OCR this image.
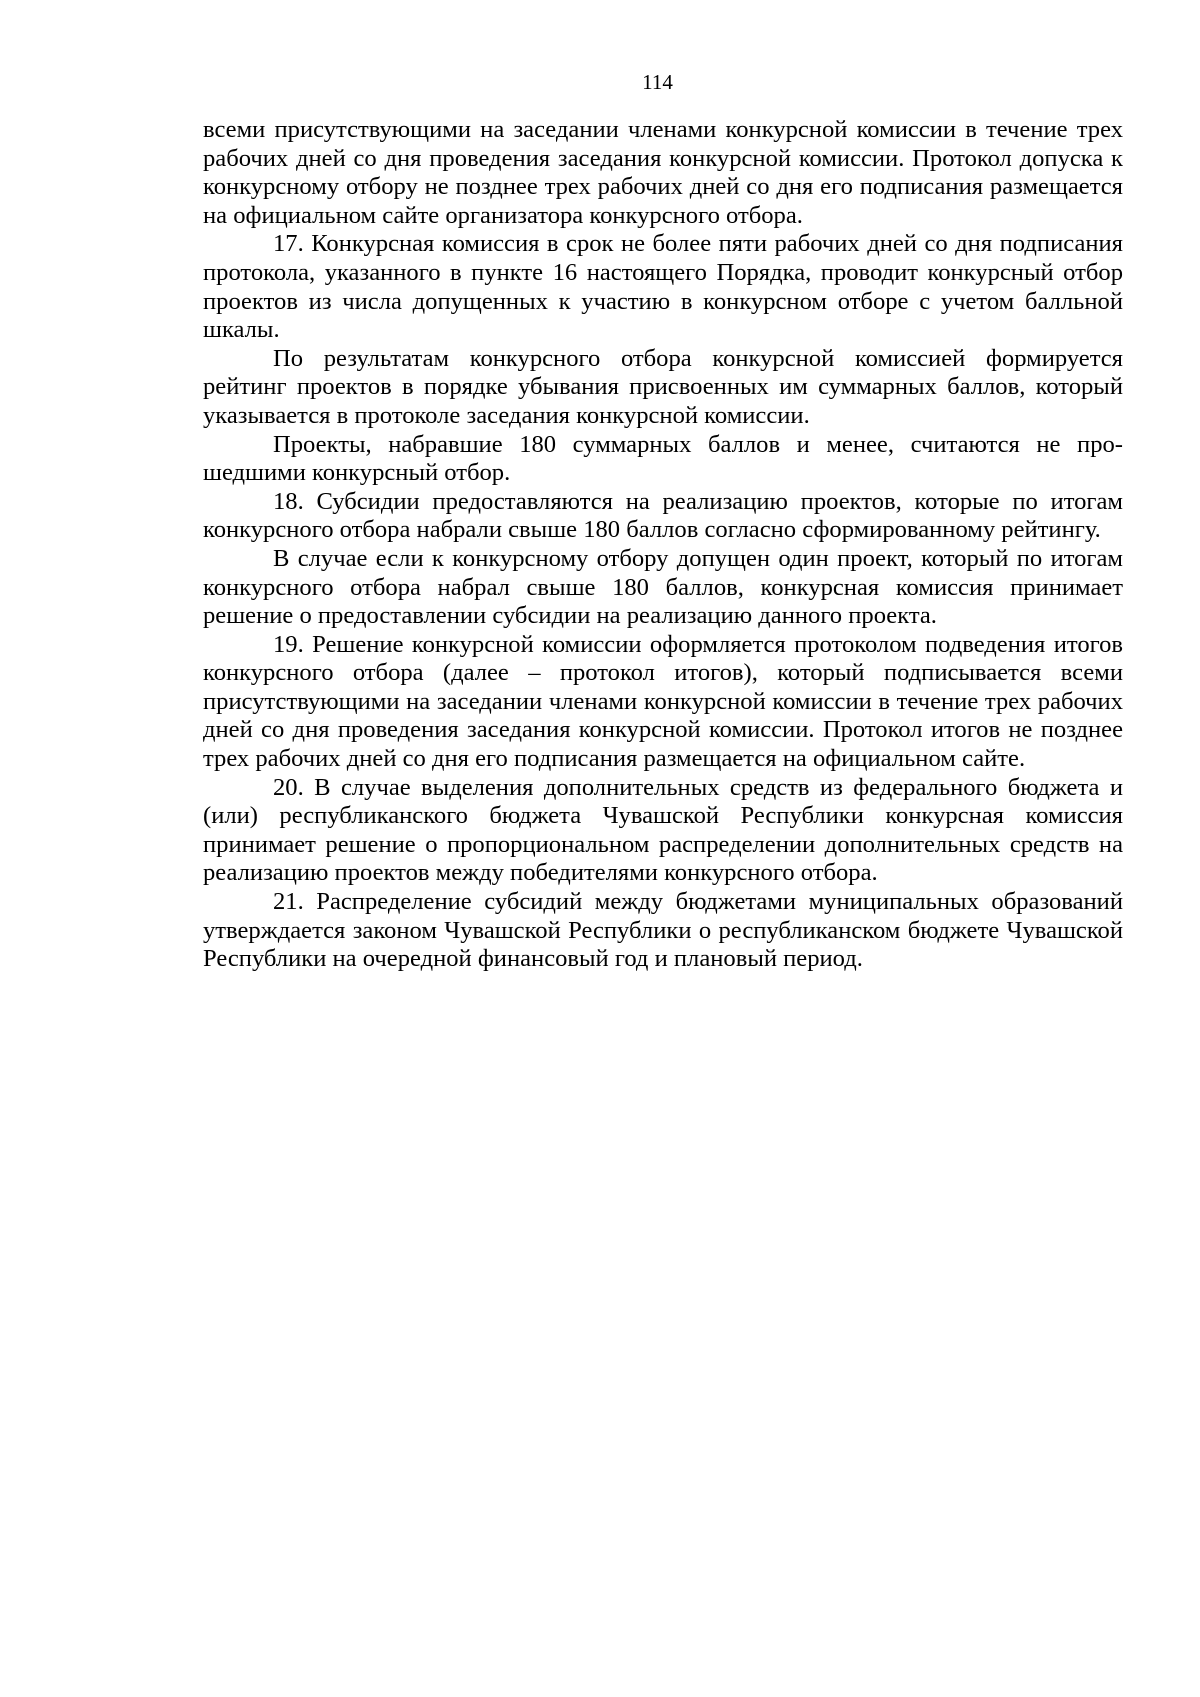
114

всеми присутствующими на заседании членами конкурсной комиссии в течение трех рабочих дней со дня проведения заседания конкурсной комиссии. Протокол допуска к конкурсному отбору не позднее трех рабочих дней со дня его подписания размещается на официальном сайте организатора конкурсного отбора.

17. Конкурсная комиссия в срок не более пяти рабочих дней со дня подписания протокола, указанного в пункте 16 настоящего Порядка, проводит конкурсный отбор проектов из числа допущенных к участию в конкурсном отборе с учетом балльной шкалы.

По результатам конкурсного отбора конкурсной комиссией формируется рейтинг проектов в порядке убывания присвоенных им суммарных баллов, который указывается в протоколе заседания конкурсной комиссии.

Проекты, набравшие 180 суммарных баллов и менее, считаются не прошедшими конкурсный отбор.

18. Субсидии предоставляются на реализацию проектов, которые по итогам конкурсного отбора набрали свыше 180 баллов согласно сформированному рейтингу.

В случае если к конкурсному отбору допущен один проект, который по итогам конкурсного отбора набрал свыше 180 баллов, конкурсная комиссия принимает решение о предоставлении субсидии на реализацию данного проекта.

19. Решение конкурсной комиссии оформляется протоколом подведения итогов конкурсного отбора (далее – протокол итогов), который подписывается всеми присутствующими на заседании членами конкурсной комиссии в течение трех рабочих дней со дня проведения заседания конкурсной комиссии. Протокол итогов не позднее трех рабочих дней со дня его подписания размещается на официальном сайте.

20. В случае выделения дополнительных средств из федерального бюджета и (или) республиканского бюджета Чувашской Республики конкурсная комиссия принимает решение о пропорциональном распределении дополнительных средств на реализацию проектов между победителями конкурсного отбора.

21. Распределение субсидий между бюджетами муниципальных образований утверждается законом Чувашской Республики о республиканском бюджете Чувашской Республики на очередной финансовый год и плановый период.
